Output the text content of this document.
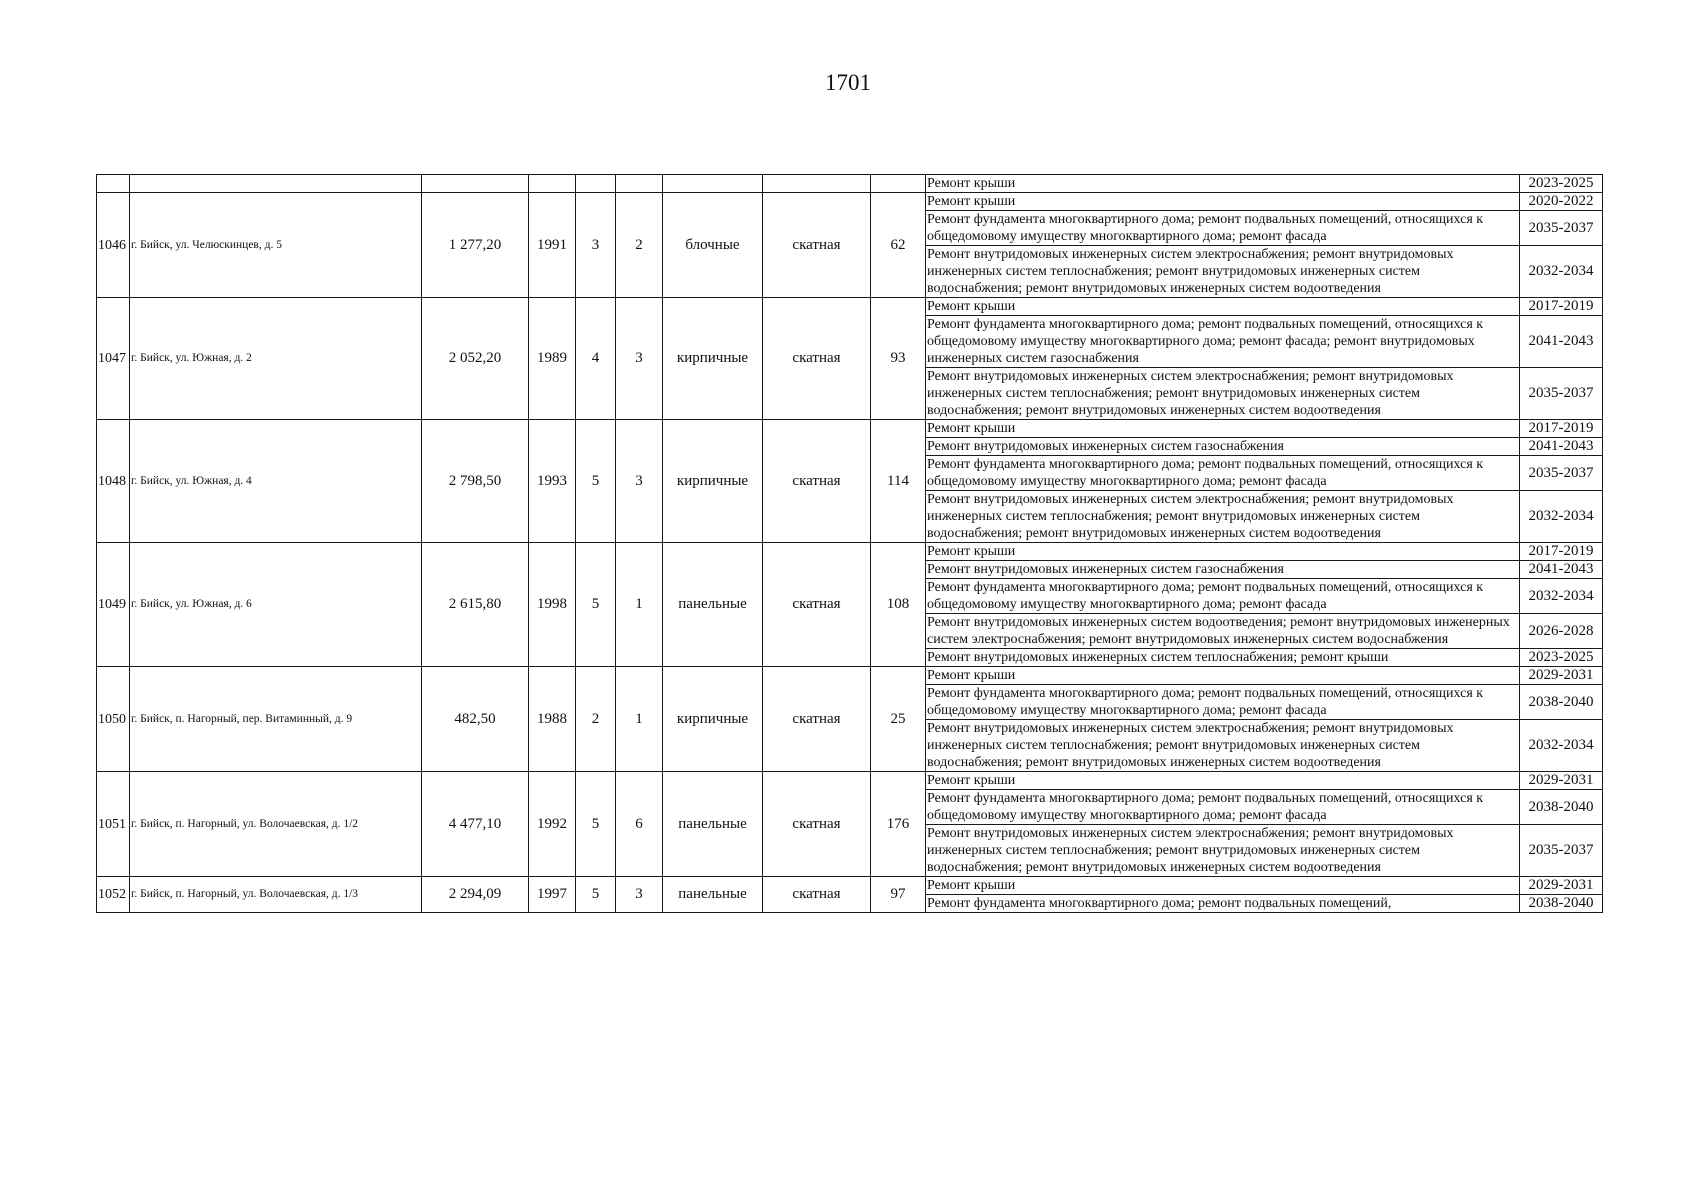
1701
									Ремонт крыши	2023-2025
1046	г. Бийск, ул. Челюскинцев, д. 5	1 277,20	1991	3	2	блочные	скатная	62	Ремонт крыши	2020-2022
									Ремонт фундамента многоквартирного дома; ремонт подвальных помещений, относящихся к общедомовому имуществу многоквартирного дома; ремонт фасада	2035-2037
									Ремонт внутридомовых инженерных систем электроснабжения; ремонт внутридомовых инженерных систем теплоснабжения; ремонт внутридомовых инженерных систем водоснабжения; ремонт внутридомовых инженерных систем водоотведения	2032-2034
1047	г. Бийск, ул. Южная, д. 2	2 052,20	1989	4	3	кирпичные	скатная	93	Ремонт крыши	2017-2019
									Ремонт фундамента многоквартирного дома; ремонт подвальных помещений, относящихся к общедомовому имуществу многоквартирного дома; ремонт фасада; ремонт внутридомовых инженерных систем газоснабжения	2041-2043
									Ремонт внутридомовых инженерных систем электроснабжения; ремонт внутридомовых инженерных систем теплоснабжения; ремонт внутридомовых инженерных систем водоснабжения; ремонт внутридомовых инженерных систем водоотведения	2035-2037
1048	г. Бийск, ул. Южная, д. 4	2 798,50	1993	5	3	кирпичные	скатная	114	Ремонт крыши	2017-2019
									Ремонт внутридомовых инженерных систем газоснабжения	2041-2043
									Ремонт фундамента многоквартирного дома; ремонт подвальных помещений, относящихся к общедомовому имуществу многоквартирного дома; ремонт фасада	2035-2037
									Ремонт внутридомовых инженерных систем электроснабжения; ремонт внутридомовых инженерных систем теплоснабжения; ремонт внутридомовых инженерных систем водоснабжения; ремонт внутридомовых инженерных систем водоотведения	2032-2034
1049	г. Бийск, ул. Южная, д. 6	2 615,80	1998	5	1	панельные	скатная	108	Ремонт крыши	2017-2019
									Ремонт внутридомовых инженерных систем газоснабжения	2041-2043
									Ремонт фундамента многоквартирного дома; ремонт подвальных помещений, относящихся к общедомовому имуществу многоквартирного дома; ремонт фасада	2032-2034
									Ремонт внутридомовых инженерных систем водоотведения; ремонт внутридомовых инженерных систем электроснабжения; ремонт внутридомовых инженерных систем водоснабжения	2026-2028
									Ремонт внутридомовых инженерных систем теплоснабжения; ремонт крыши	2023-2025
1050	г. Бийск, п. Нагорный, пер. Витаминный, д. 9	482,50	1988	2	1	кирпичные	скатная	25	Ремонт крыши	2029-2031
									Ремонт фундамента многоквартирного дома; ремонт подвальных помещений, относящихся к общедомовому имуществу многоквартирного дома; ремонт фасада	2038-2040
									Ремонт внутридомовых инженерных систем электроснабжения; ремонт внутридомовых инженерных систем теплоснабжения; ремонт внутридомовых инженерных систем водоснабжения; ремонт внутридомовых инженерных систем водоотведения	2032-2034
1051	г. Бийск, п. Нагорный, ул. Волочаевская, д. 1/2	4 477,10	1992	5	6	панельные	скатная	176	Ремонт крыши	2029-2031
									Ремонт фундамента многоквартирного дома; ремонт подвальных помещений, относящихся к общедомовому имуществу многоквартирного дома; ремонт фасада	2038-2040
									Ремонт внутридомовых инженерных систем электроснабжения; ремонт внутридомовых инженерных систем теплоснабжения; ремонт внутридомовых инженерных систем водоснабжения; ремонт внутридомовых инженерных систем водоотведения	2035-2037
1052	г. Бийск, п. Нагорный, ул. Волочаевская, д. 1/3	2 294,09	1997	5	3	панельные	скатная	97	Ремонт крыши	2029-2031
									Ремонт фундамента многоквартирного дома; ремонт подвальных помещений,	2038-2040
